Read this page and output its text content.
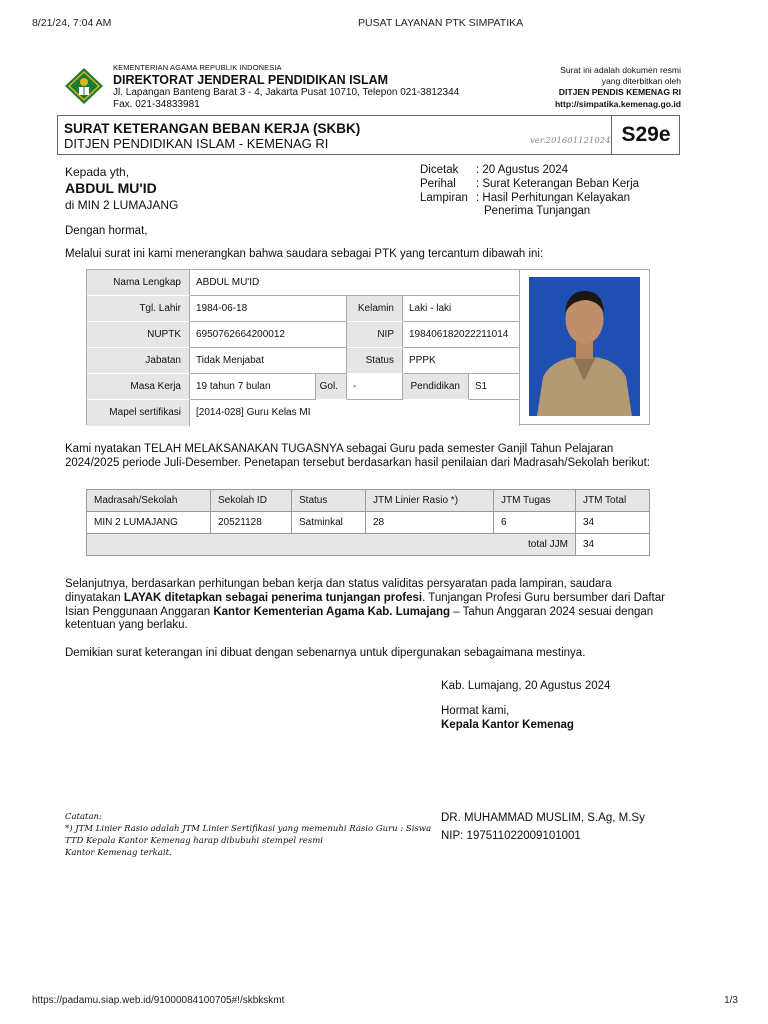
8/21/24, 7:04 AM	PUSAT LAYANAN PTK SIMPATIKA
KEMENTERIAN AGAMA REPUBLIK INDONESIA
DIREKTORAT JENDERAL PENDIDIKAN ISLAM
Jl. Lapangan Banteng Barat 3 - 4, Jakarta Pusat 10710, Telepon 021-3812344
Fax. 021-34833981
Surat ini adalah dokumen resmi
yang diterbitkan oleh
DITJEN PENDIS KEMENAG RI
http://simpatika.kemenag.go.id
SURAT KETERANGAN BEBAN KERJA (SKBK)
DITJEN PENDIDIKAN ISLAM - KEMENAG RI	ver.201601121024 S29e
Kepada yth,
ABDUL MU'ID
di MIN 2 LUMAJANG
Dicetak	: 20 Agustus 2024
Perihal	: Surat Keterangan Beban Kerja
Lampiran	: Hasil Perhitungan Kelayakan
	Penerima Tunjangan
Dengan hormat,
Melalui surat ini kami menerangkan bahwa saudara sebagai PTK yang tercantum dibawah ini:
Nama Lengkap	ABDUL MU'ID
Tgl. Lahir	1984-06-18	Kelamin	Laki - laki
NUPTK	6950762664200012	NIP	198406182022211014
Jabatan	Tidak Menjabat	Status	PPPK
Masa Kerja	19 tahun 7 bulan	Gol.	-	Pendidikan	S1
Mapel sertifikasi	[2014-028] Guru Kelas MI
Kami nyatakan TELAH MELAKSANAKAN TUGASNYA sebagai Guru pada semester Ganjil Tahun Pelajaran
2024/2025 periode Juli-Desember. Penetapan tersebut berdasarkan hasil penilaian dari Madrasah/Sekolah berikut:
Madrasah/Sekolah	Sekolah ID	Status	JTM Linier Rasio *)	JTM Tugas	JTM Total
MIN 2 LUMAJANG	20521128	Satminkal	28	6	34
total JJM					34
Selanjutnya, berdasarkan perhitungan beban kerja dan status validitas persyaratan pada lampiran, saudara
dinyatakan LAYAK ditetapkan sebagai penerima tunjangan profesi. Tunjangan Profesi Guru bersumber dari Daftar
Isian Penggunaan Anggaran Kantor Kementerian Agama Kab. Lumajang – Tahun Anggaran 2024 sesuai dengan
ketentuan yang berlaku.
Demikian surat keterangan ini dibuat dengan sebenarnya untuk dipergunakan sebagaimana mestinya.
Kab. Lumajang, 20 Agustus 2024
Hormat kami,
Kepala Kantor Kemenag
DR. MUHAMMAD MUSLIM, S.Ag, M.Sy
NIP: 197511022009101001
Catatan:
*) JTM Linier Rasio adalah JTM Linier Sertifikasi yang memenuhi Rasio Guru : Siswa
TTD Kepala Kantor Kemenag harap dibubuhi stempel resmi
Kantor Kemenag terkait.
https://padamu.siap.web.id/91000084100705#!/skbkskmt	1/3
